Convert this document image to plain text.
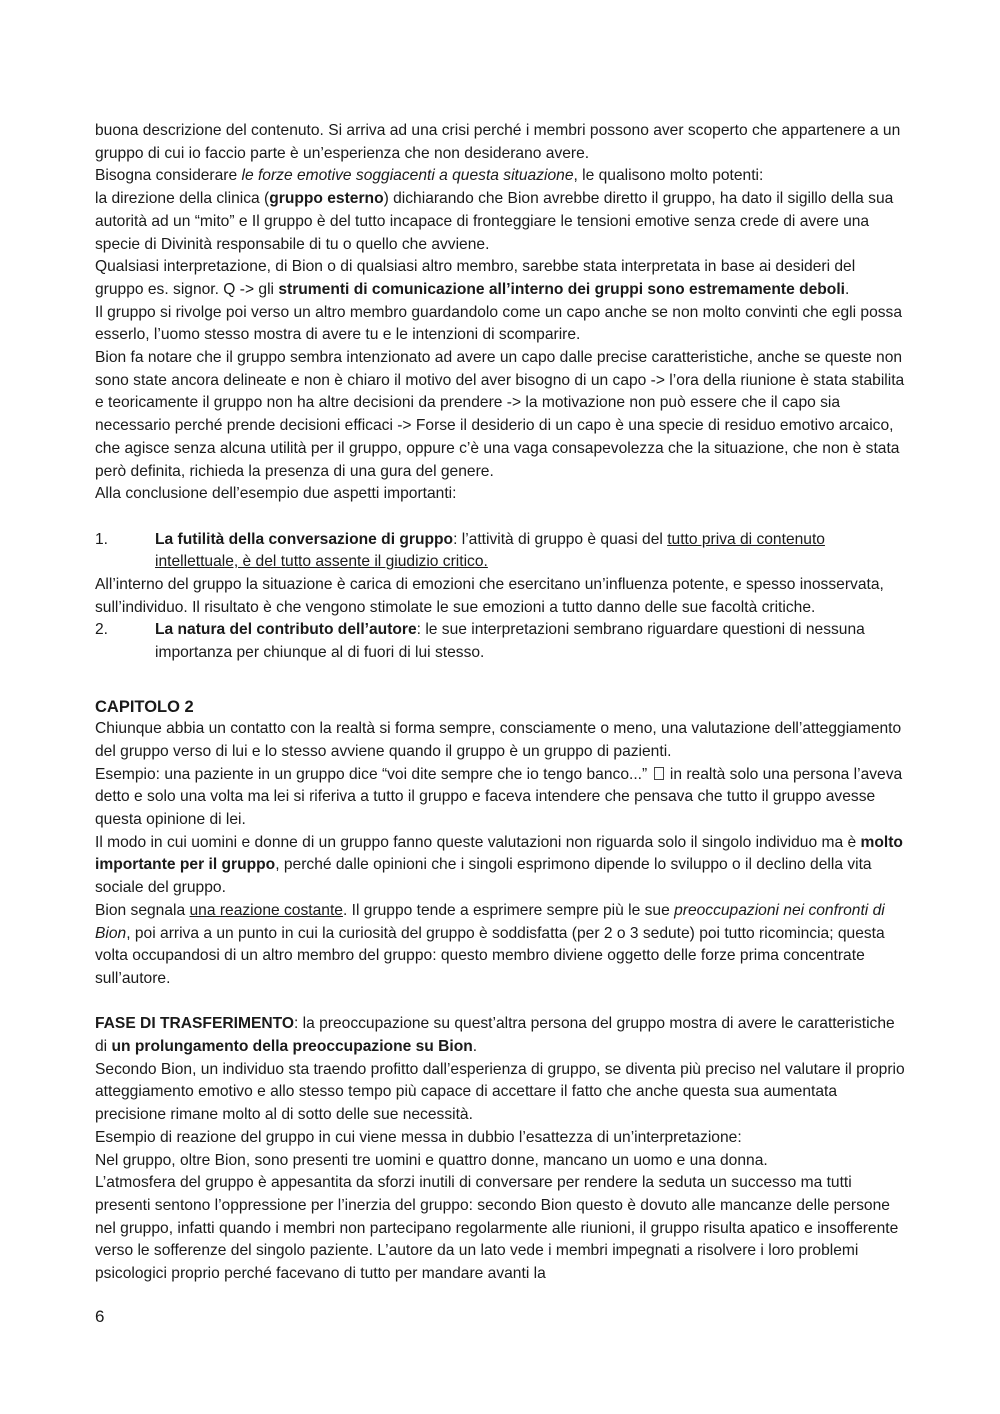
buona descrizione del contenuto. Si arriva ad una crisi perché i membri possono aver scoperto che appartenere a un gruppo di cui io faccio parte è un’esperienza che non desiderano avere.

Bisogna considerare le forze emotive soggiacenti a questa situazione, le qualisono molto potenti:

la direzione della clinica (gruppo esterno) dichiarando che Bion avrebbe diretto il gruppo, ha dato il sigillo della sua autorità ad un “mito” e Il gruppo è del tutto incapace di fronteggiare le tensioni emotive senza crede di avere una specie di Divinità responsabile di tu o quello che avviene.

Qualsiasi interpretazione, di Bion o di qualsiasi altro membro, sarebbe stata interpretata in base ai desideri del gruppo es. signor. Q -> gli strumenti di comunicazione all’interno dei gruppi sono estremamente deboli.

Il gruppo si rivolge poi verso un altro membro guardandolo come un capo anche se non molto convinti che egli possa esserlo, l’uomo stesso mostra di avere tu e le intenzioni di scomparire.

Bion fa notare che il gruppo sembra intenzionato ad avere un capo dalle precise caratteristiche, anche se queste non sono state ancora delineate e non è chiaro il motivo del aver bisogno di un capo -> l’ora della riunione è stata stabilita e teoricamente il gruppo non ha altre decisioni da prendere -> la motivazione non può essere che il capo sia necessario perché prende decisioni efficaci -> Forse il desiderio di un capo è una specie di residuo emotivo arcaico, che agisce senza alcuna utilità per il gruppo, oppure c’è una vaga consapevolezza che la situazione, che non è stata però definita, richieda la presenza di una gura del genere.

Alla conclusione dell’esempio due aspetti importanti:

1.	La futilità della conversazione di gruppo: l’attività di gruppo è quasi del tutto priva di contenuto intellettuale, è del tutto assente il giudizio critico.

All’interno del gruppo la situazione è carica di emozioni che esercitano un’influenza potente, e spesso inosservata, sull’individuo. Il risultato è che vengono stimolate le sue emozioni a tutto danno delle sue facoltà critiche.

2.	La natura del contributo dell’autore: le sue interpretazioni sembrano riguardare questioni di nessuna importanza per chiunque al di fuori di lui stesso.

CAPITOLO 2

Chiunque abbia un contatto con la realtà si forma sempre, consciamente o meno, una valutazione dell’atteggiamento del gruppo verso di lui e lo stesso avviene quando il gruppo è un gruppo di pazienti.

Esempio: una paziente in un gruppo dice “voi dite sempre che io tengo banco...”  in realtà solo una persona l’aveva detto e solo una volta ma lei si riferiva a tutto il gruppo e faceva intendere che pensava che tutto il gruppo avesse questa opinione di lei.

Il modo in cui uomini e donne di un gruppo fanno queste valutazioni non riguarda solo il singolo individuo ma è molto importante per il gruppo, perché dalle opinioni che i singoli esprimono dipende lo sviluppo o il declino della vita sociale del gruppo.

Bion segnala una reazione costante. Il gruppo tende a esprimere sempre più le sue preoccupazioni nei confronti di Bion, poi arriva a un punto in cui la curiosità del gruppo è soddisfatta (per 2 o 3 sedute) poi tutto ricomincia; questa volta occupandosi di un altro membro del gruppo: questo membro diviene oggetto delle forze prima concentrate sull’autore.

FASE DI TRASFERIMENTO: la preoccupazione su quest’altra persona del gruppo mostra di avere le caratteristiche di un prolungamento della preoccupazione su Bion.

Secondo Bion, un individuo sta traendo profitto dall’esperienza di gruppo, se diventa più preciso nel valutare il proprio atteggiamento emotivo e allo stesso tempo più capace di accettare il fatto che anche questa sua aumentata precisione rimane molto al di sotto delle sue necessità.

Esempio di reazione del gruppo in cui viene messa in dubbio l’esattezza di un’interpretazione:

Nel gruppo, oltre Bion, sono presenti tre uomini e quattro donne, mancano un uomo e una donna.

L’atmosfera del gruppo è appesantita da sforzi inutili di conversare per rendere la seduta un successo ma tutti presenti sentono l’oppressione per l’inerzia del gruppo: secondo Bion questo è dovuto alle mancanze delle persone nel gruppo, infatti quando i membri non partecipano regolarmente alle riunioni, il gruppo risulta apatico e insofferente verso le sofferenze del singolo paziente. L’autore da un lato vede i membri impegnati a risolvere i loro problemi psicologici proprio perché facevano di tutto per mandare avanti la

6
